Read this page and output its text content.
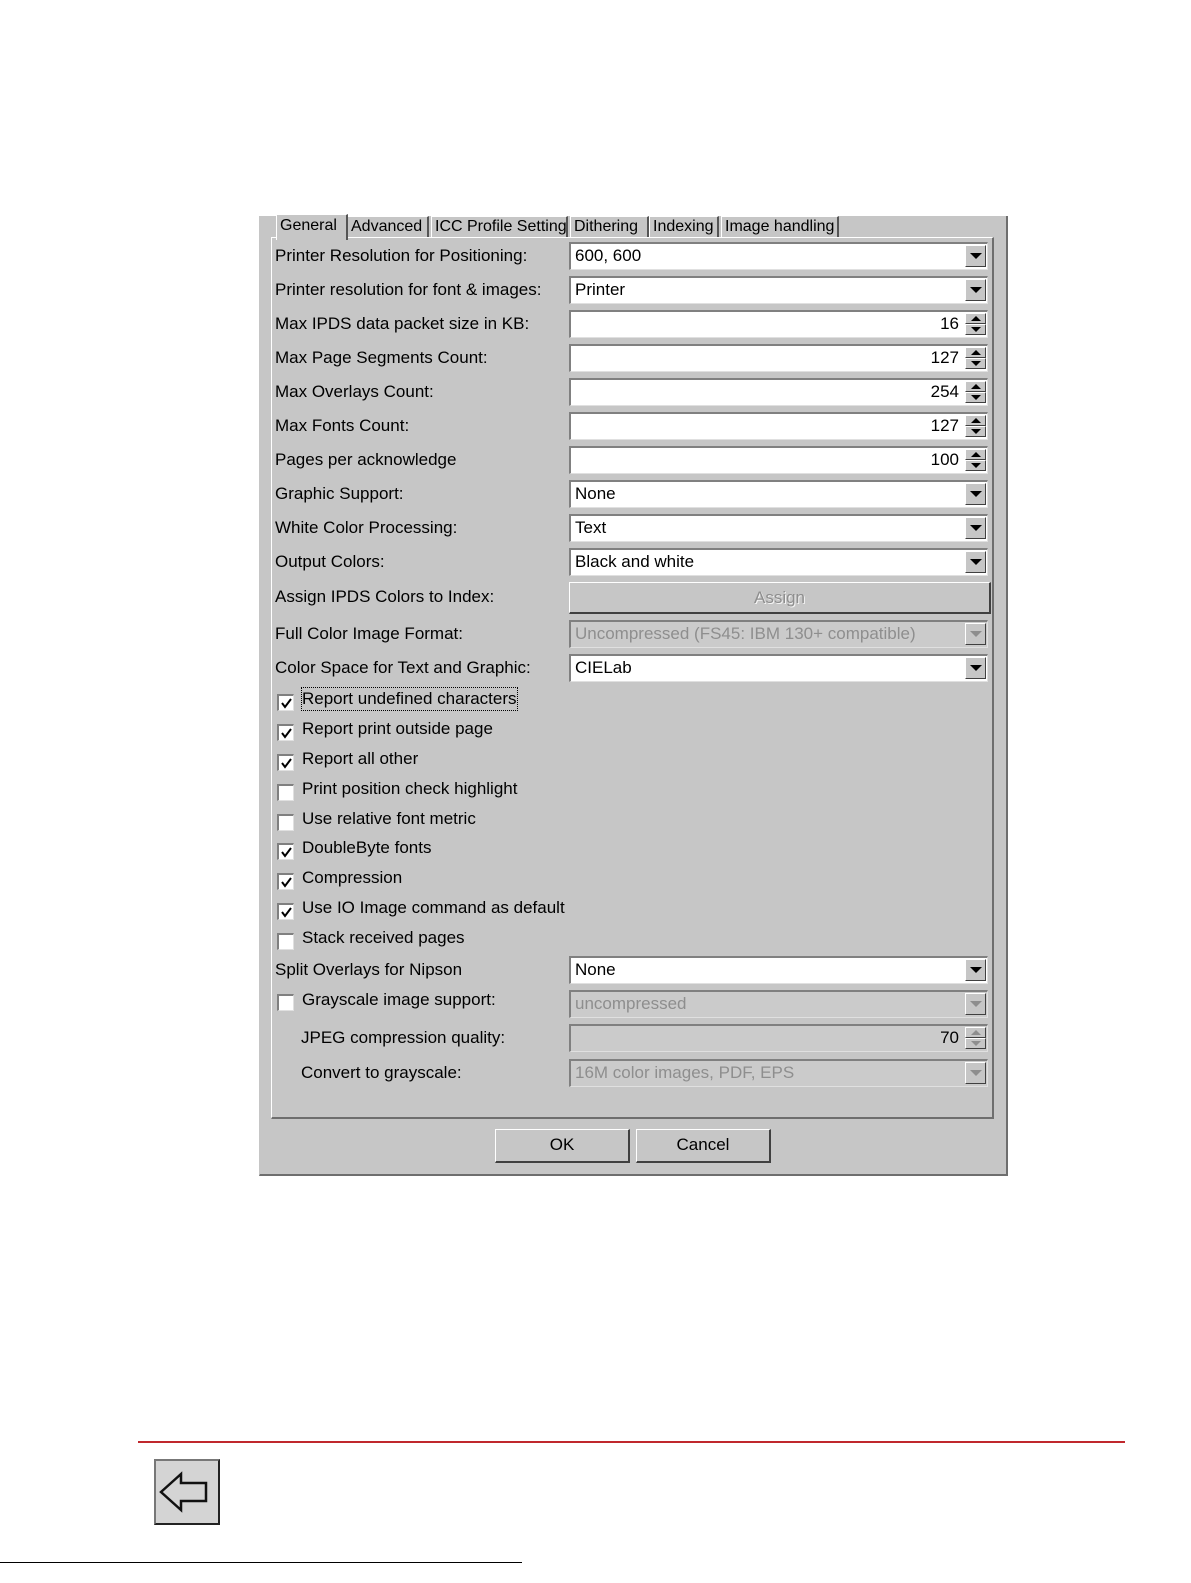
General Advanced ICC Profile Setting Dithering Indexing Image handling
Printer Resolution for Positioning:	600, 600
Printer resolution for font & images: Printer
Max IPDS data packet size in KB:	16
Max Page Segments Count:	127
Max Overlays Count:	254
Max Fonts Count:	127
Pages per acknowledge	100
Graphic Support:	None
White Color Processing:	Text
Output Colors:	Black and white
Assign IPDS Colors to Index:	Assign
Full Color Image Format:	Uncompressed (FS45: IBM 130+ compatible)
Color Space for Text and Graphic:	CIELab
Report undefined characters
Report print outside page
Report all other
Print position check highlight
Use relative font metric
DoubleByte fonts
Compression
Use IO Image command as default
Stack received pages
Split Overlays for Nipson	None
Grayscale image support:	uncompressed
JPEG compression quality:	70
Convert to grayscale:	16M color images, PDF, EPS
OK	Cancel
